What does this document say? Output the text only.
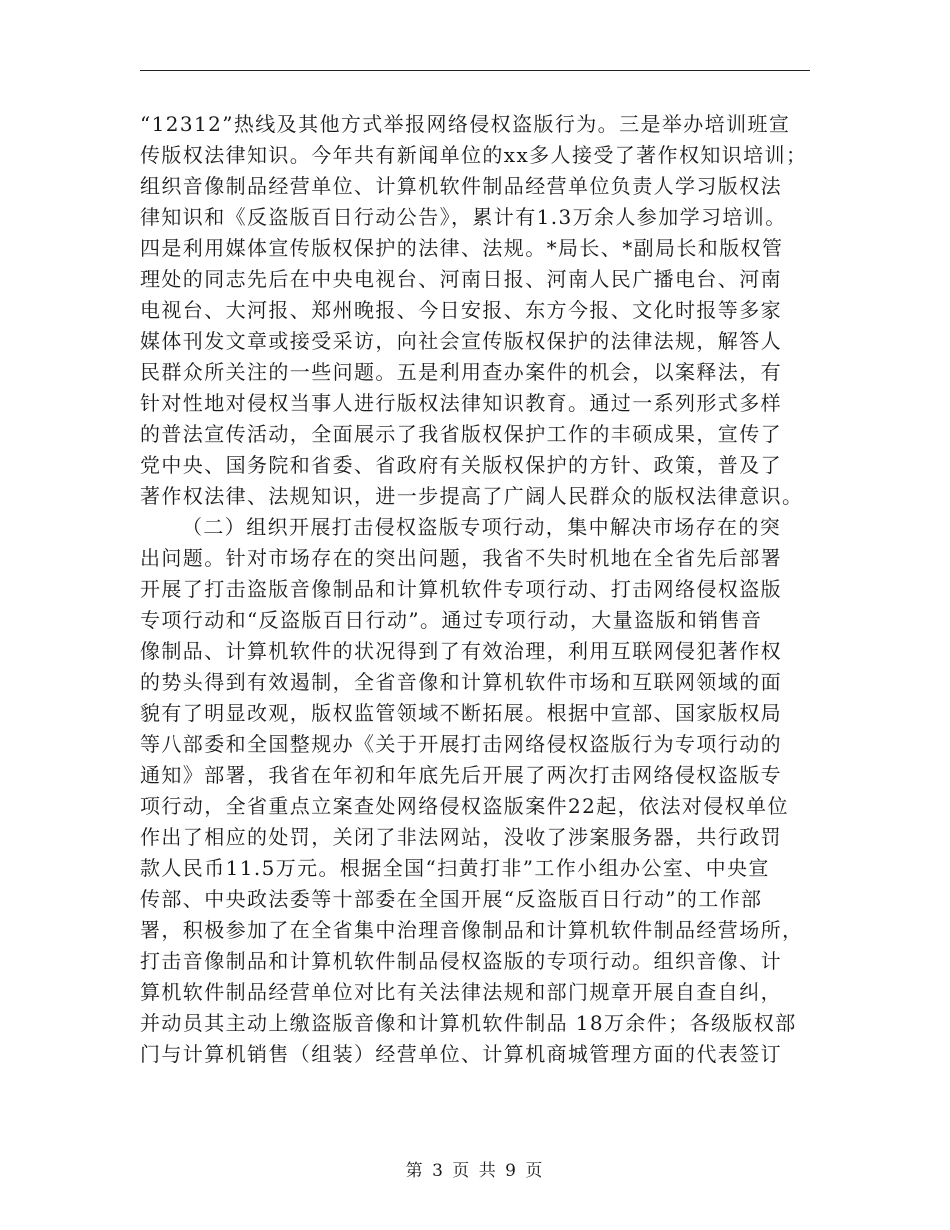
“12312”热线及其他方式举报网络侵权盗版行为。三是举办培训班宣
传版权法律知识。今年共有新闻单位的xx多人接受了著作权知识培训；
组织音像制品经营单位、计算机软件制品经营单位负责人学习版权法
律知识和《反盗版百日行动公告》，累计有1.3万余人参加学习培训。
四是利用媒体宣传版权保护的法律、法规。*局长、*副局长和版权管
理处的同志先后在中央电视台、河南日报、河南人民广播电台、河南
电视台、大河报、郑州晚报、今日安报、东方今报、文化时报等多家
媒体刊发文章或接受采访，向社会宣传版权保护的法律法规，解答人
民群众所关注的一些问题。五是利用查办案件的机会，以案释法，有
针对性地对侵权当事人进行版权法律知识教育。通过一系列形式多样
的普法宣传活动，全面展示了我省版权保护工作的丰硕成果，宣传了
党中央、国务院和省委、省政府有关版权保护的方针、政策，普及了
著作权法律、法规知识，进一步提高了广阔人民群众的版权法律意识。
（二）组织开展打击侵权盗版专项行动，集中解决市场存在的突
出问题。针对市场存在的突出问题，我省不失时机地在全省先后部署
开展了打击盗版音像制品和计算机软件专项行动、打击网络侵权盗版
专项行动和“反盗版百日行动”。通过专项行动，大量盗版和销售音
像制品、计算机软件的状况得到了有效治理，利用互联网侵犯著作权
的势头得到有效遏制，全省音像和计算机软件市场和互联网领域的面
貌有了明显改观，版权监管领域不断拓展。根据中宣部、国家版权局
等八部委和全国整规办《关于开展打击网络侵权盗版行为专项行动的
通知》部署，我省在年初和年底先后开展了两次打击网络侵权盗版专
项行动，全省重点立案查处网络侵权盗版案件22起，依法对侵权单位
作出了相应的处罚，关闭了非法网站，没收了涉案服务器，共行政罚
款人民币11.5万元。根据全国“扫黄打非”工作小组办公室、中央宣
传部、中央政法委等十部委在全国开展“反盗版百日行动”的工作部
署，积极参加了在全省集中治理音像制品和计算机软件制品经营场所，
打击音像制品和计算机软件制品侵权盗版的专项行动。组织音像、计
算机软件制品经营单位对比有关法律法规和部门规章开展自查自纠，
并动员其主动上缴盗版音像和计算机软件制品 18万余件；各级版权部
门与计算机销售（组装）经营单位、计算机商城管理方面的代表签订
第 3 页 共 9 页
